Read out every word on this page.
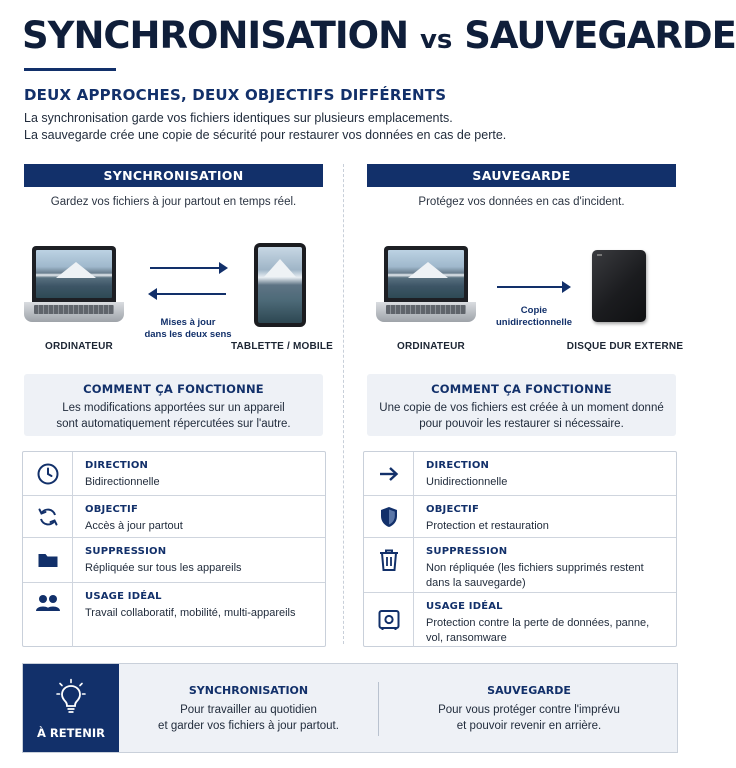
SYNCHRONISATION vs SAUVEGARDE
DEUX APPROCHES, DEUX OBJECTIFS DIFFÉRENTS
La synchronisation garde vos fichiers identiques sur plusieurs emplacements.
La sauvegarde crée une copie de sécurité pour restaurer vos données en cas de perte.
SYNCHRONISATION
Gardez vos fichiers à jour partout en temps réel.
Mises à jour
dans les deux sens
ORDINATEUR	TABLETTE / MOBILE
COMMENT ÇA FONCTIONNE
Les modifications apportées sur un appareil
sont automatiquement répercutées sur l'autre.
DIRECTION
Bidirectionnelle
OBJECTIF
Accès à jour partout
SUPPRESSION
Répliquée sur tous les appareils
USAGE IDÉAL
Travail collaboratif, mobilité, multi-appareils
SAUVEGARDE
Protégez vos données en cas d'incident.
Copie
unidirectionnelle
ORDINATEUR	DISQUE DUR EXTERNE
COMMENT ÇA FONCTIONNE
Une copie de vos fichiers est créée à un moment donné
pour pouvoir les restaurer si nécessaire.
DIRECTION
Unidirectionnelle
OBJECTIF
Protection et restauration
SUPPRESSION
Non répliquée (les fichiers supprimés restent dans la sauvegarde)
USAGE IDÉAL
Protection contre la perte de données, panne, vol, ransomware
À RETENIR
SYNCHRONISATION
Pour travailler au quotidien
et garder vos fichiers à jour partout.
SAUVEGARDE
Pour vous protéger contre l'imprévu
et pouvoir revenir en arrière.
